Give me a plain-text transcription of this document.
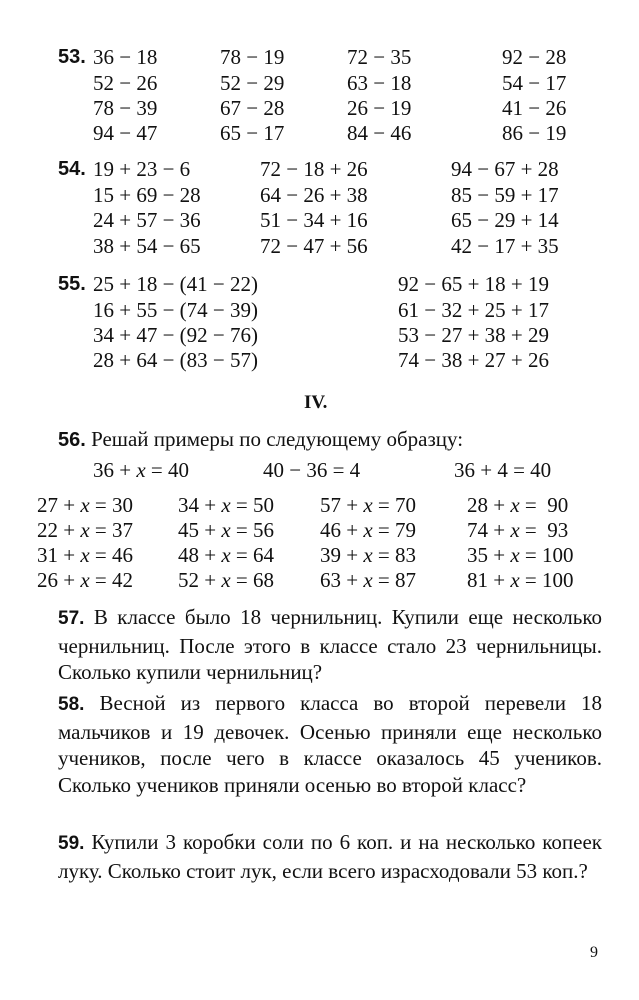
53. 36 − 18
52 − 26
78 − 39
94 − 47
78 − 19
52 − 29
67 − 28
65 − 17
72 − 35
63 − 18
26 − 19
84 − 46
92 − 28
54 − 17
41 − 26
86 − 19
54. 19 + 23 − 6
15 + 69 − 28
24 + 57 − 36
38 + 54 − 65
72 − 18 + 26
64 − 26 + 38
51 − 34 + 16
72 − 47 + 56
94 − 67 + 28
85 − 59 + 17
65 − 29 + 14
42 − 17 + 35
55. 25 + 18 − (41 − 22)
16 + 55 − (74 − 39)
34 + 47 − (92 − 76)
28 + 64 − (83 − 57)
92 − 65 + 18 + 19
61 − 32 + 25 + 17
53 − 27 + 38 + 29
74 − 38 + 27 + 26
IV.
56. Решай примеры по следующему образцу:
36 + x = 40	40 − 36 = 4	36 + 4 = 40
27 + x = 30
22 + x = 37
31 + x = 46
26 + x = 42
34 + x = 50
45 + x = 56
48 + x = 64
52 + x = 68
57 + x = 70
46 + x = 79
39 + x = 83
63 + x = 87
28 + x =  90
74 + x =  93
35 + x = 100
81 + x = 100
57. В классе было 18 чернильниц. Купили еще несколько чернильниц. После этого в классе стало 23 чернильницы. Сколько купили чернильниц?
58. Весной из первого класса во второй перевели 18 мальчиков и 19 девочек. Осенью приняли еще несколько учеников, после чего в классе оказалось 45 учеников. Сколько учеников приняли осенью во второй класс?
59. Купили 3 коробки соли по 6 коп. и на несколько копеек луку. Сколько стоит лук, если всего израсходовали 53 коп.?
9
